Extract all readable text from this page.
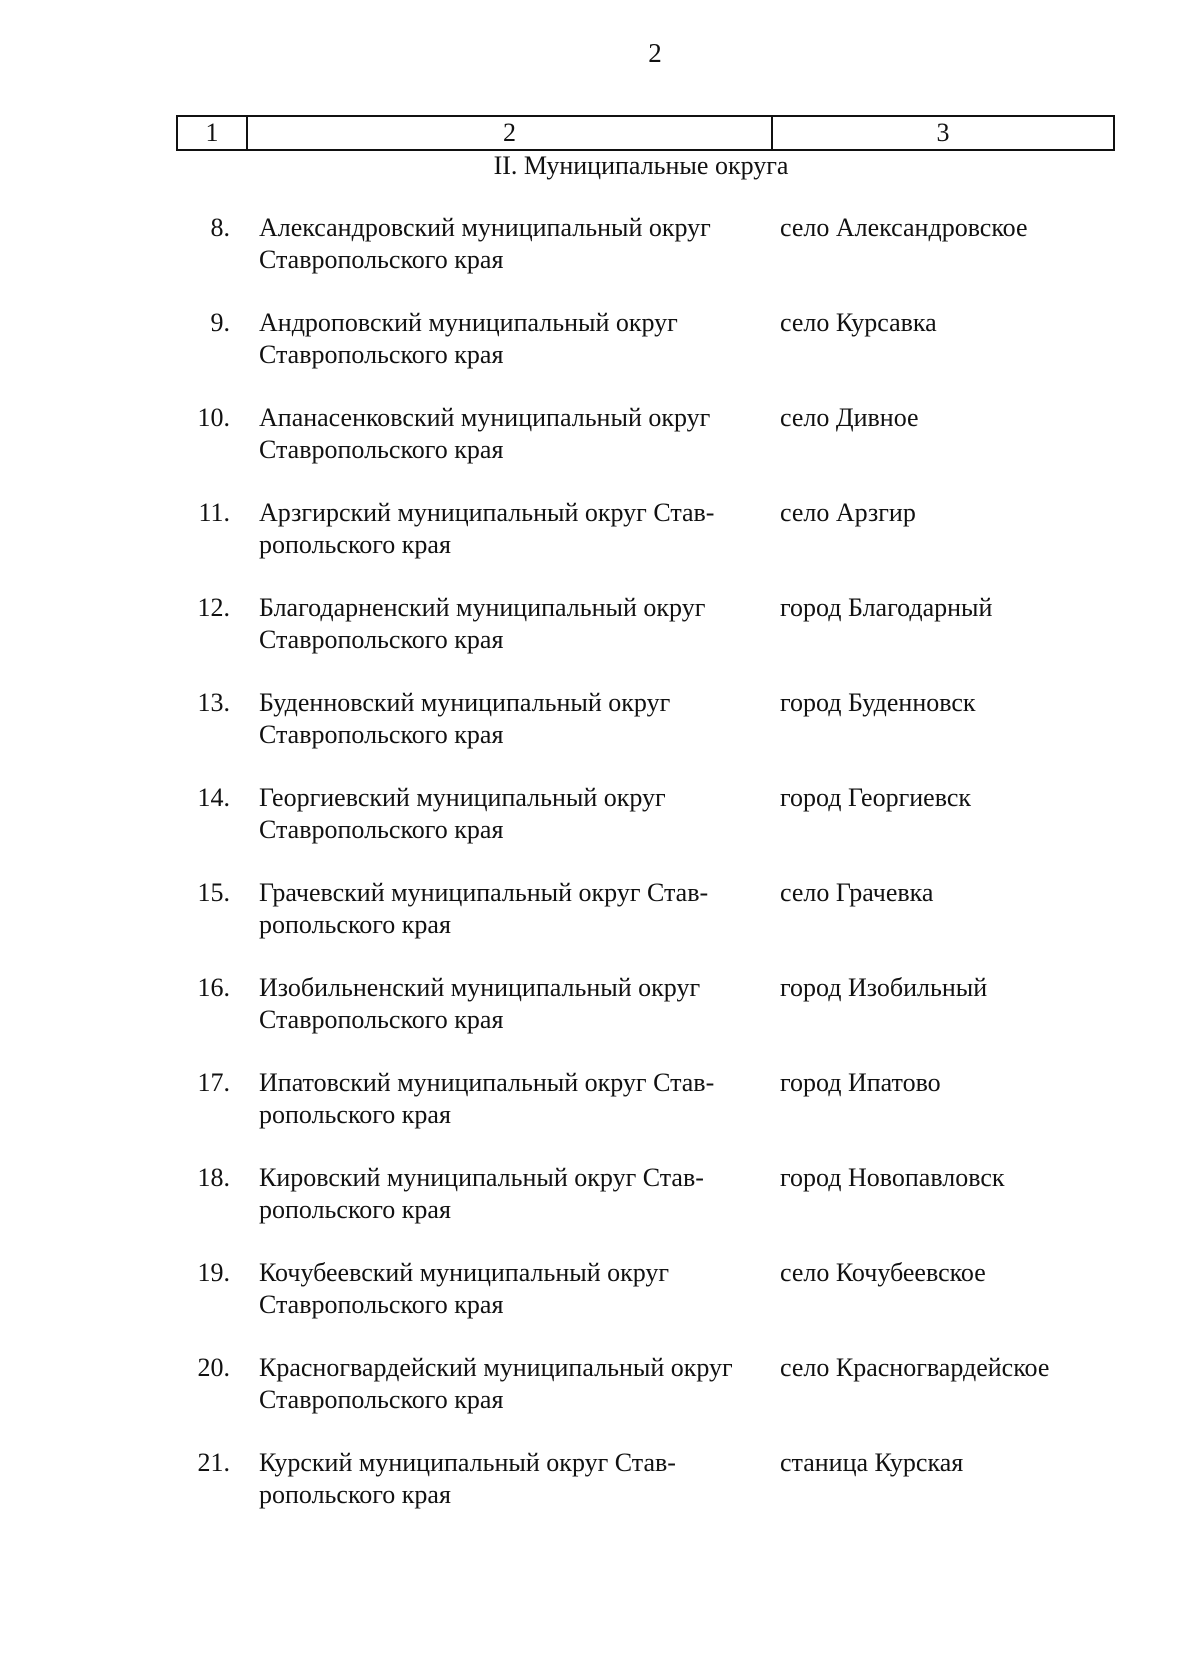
2
1	2	3
II. Муниципальные округа
8. Александровский муниципальный округ
Ставропольского края
село Александровское
9. Андроповский муниципальный округ
Ставропольского края
село Курсавка
10. Апанасенковский муниципальный округ
Ставропольского края
село Дивное
11. Арзгирский муниципальный округ Став-
ропольского края
село Арзгир
12. Благодарненский муниципальный округ
Ставропольского края
город Благодарный
13. Буденновский муниципальный округ
Ставропольского края
город Буденновск
14. Георгиевский муниципальный округ
Ставропольского края
город Георгиевск
15. Грачевский муниципальный округ Став-
ропольского края
село Грачевка
16. Изобильненский муниципальный округ
Ставропольского края
город Изобильный
17. Ипатовский муниципальный округ Став-
ропольского края
город Ипатово
18. Кировский муниципальный округ Став-
ропольского края
город Новопавловск
19. Кочубеевский муниципальный округ
Ставропольского края
село Кочубеевское
20. Красногвардейский муниципальный округ
Ставропольского края
село Красногвардейское
21. Курский муниципальный округ Став-
ропольского края
станица Курская
